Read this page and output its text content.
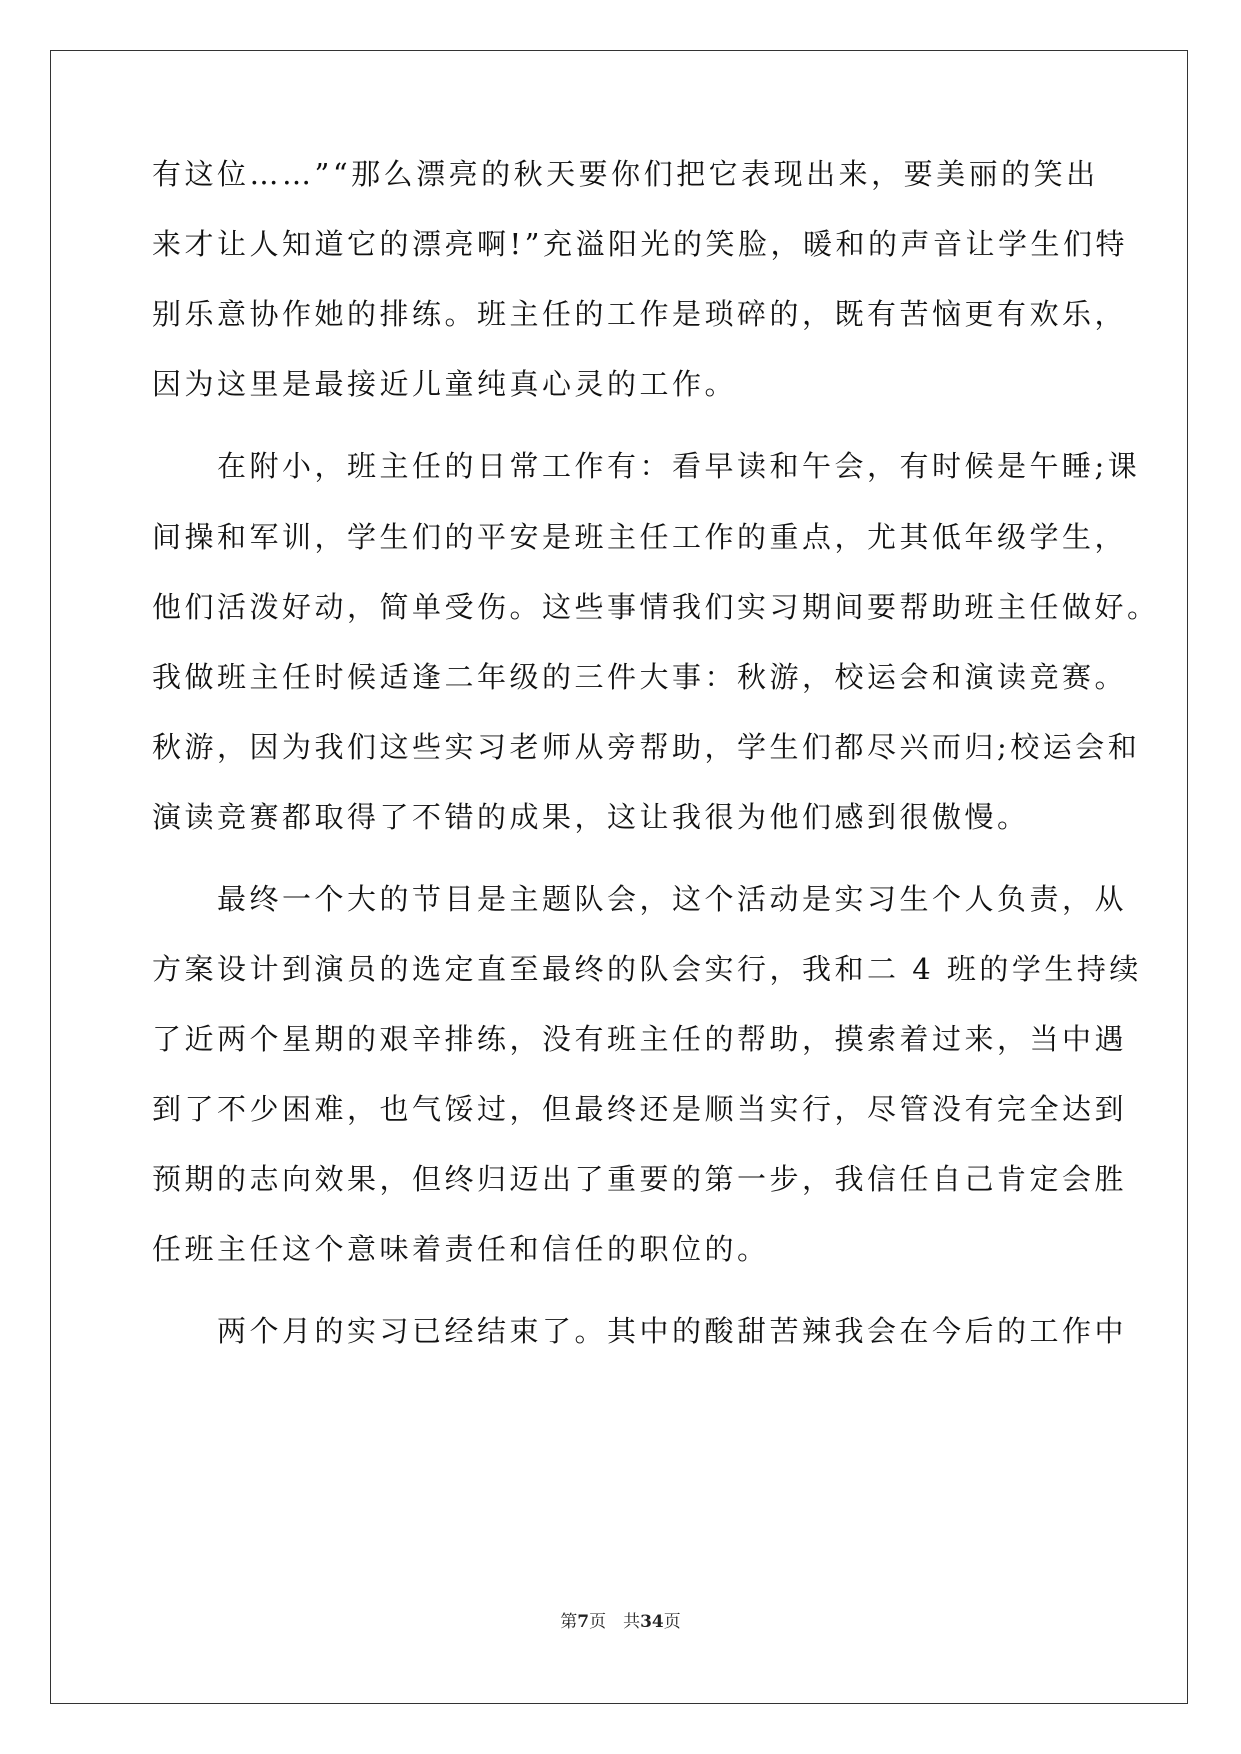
有这位……”“那么漂亮的秋天要你们把它表现出来，要美丽的笑出
来才让人知道它的漂亮啊!”充溢阳光的笑脸，暖和的声音让学生们特
别乐意协作她的排练。班主任的工作是琐碎的，既有苦恼更有欢乐，
因为这里是最接近儿童纯真心灵的工作。
　　在附小，班主任的日常工作有：看早读和午会，有时候是午睡;课
间操和军训，学生们的平安是班主任工作的重点，尤其低年级学生，
他们活泼好动，简单受伤。这些事情我们实习期间要帮助班主任做好。
我做班主任时候适逢二年级的三件大事：秋游，校运会和演读竞赛。
秋游，因为我们这些实习老师从旁帮助，学生们都尽兴而归;校运会和
演读竞赛都取得了不错的成果，这让我很为他们感到很傲慢。
　　最终一个大的节目是主题队会，这个活动是实习生个人负责，从
方案设计到演员的选定直至最终的队会实行，我和二 4 班的学生持续
了近两个星期的艰辛排练，没有班主任的帮助，摸索着过来，当中遇
到了不少困难，也气馁过，但最终还是顺当实行，尽管没有完全达到
预期的志向效果，但终归迈出了重要的第一步，我信任自己肯定会胜
任班主任这个意味着责任和信任的职位的。
　　两个月的实习已经结束了。其中的酸甜苦辣我会在今后的工作中
第7页　共34页
